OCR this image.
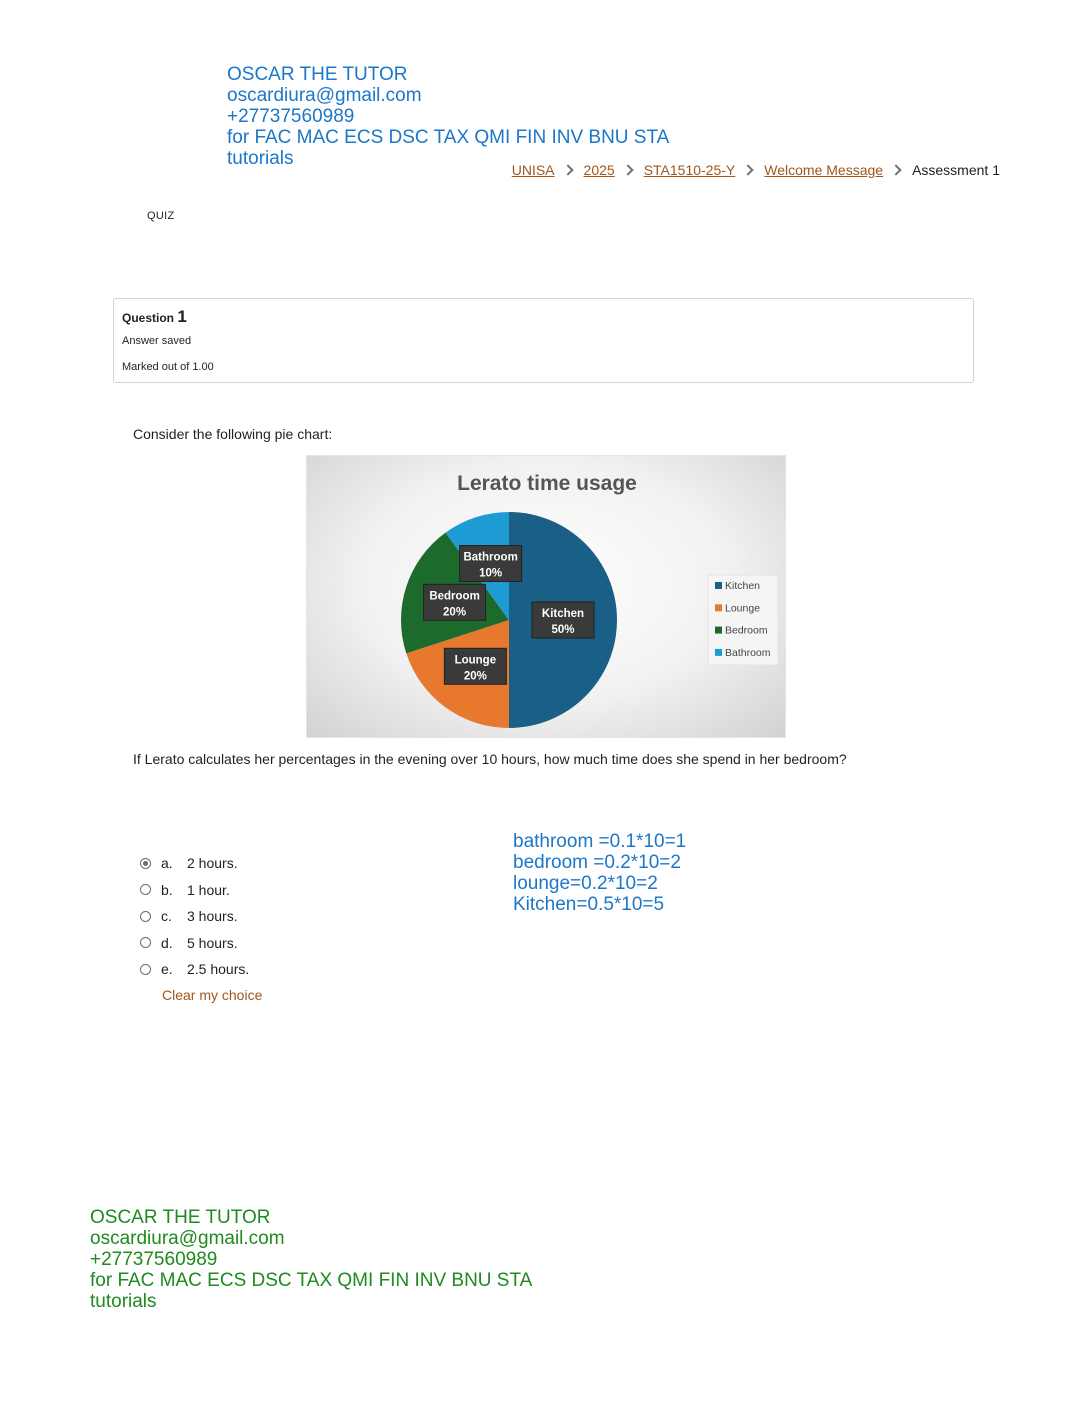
OSCAR THE TUTOR
oscardiura@gmail.com
+27737560989
for FAC MAC ECS DSC TAX QMI FIN INV BNU STA
tutorials
UNISA 2025 STA1510-25-Y Welcome Message Assessment 1
QUIZ
Question 1
Answer saved
Marked out of 1.00
Consider the following pie chart:
Lerato time usage
Kitchen
50%
Lounge
20%
Bedroom
20%
Bathroom
10%
Kitchen
Lounge
Bedroom
Bathroom
If Lerato calculates her percentages in the evening over 10 hours, how much time does she spend in her bedroom?
a.	2 hours.
b.	1 hour.
c.	3 hours.
d.	5 hours.
e.	2.5 hours.
Clear my choice
bathroom =0.1*10=1
bedroom =0.2*10=2
lounge=0.2*10=2
Kitchen=0.5*10=5
OSCAR THE TUTOR
oscardiura@gmail.com
+27737560989
for FAC MAC ECS DSC TAX QMI FIN INV BNU STA
tutorials
